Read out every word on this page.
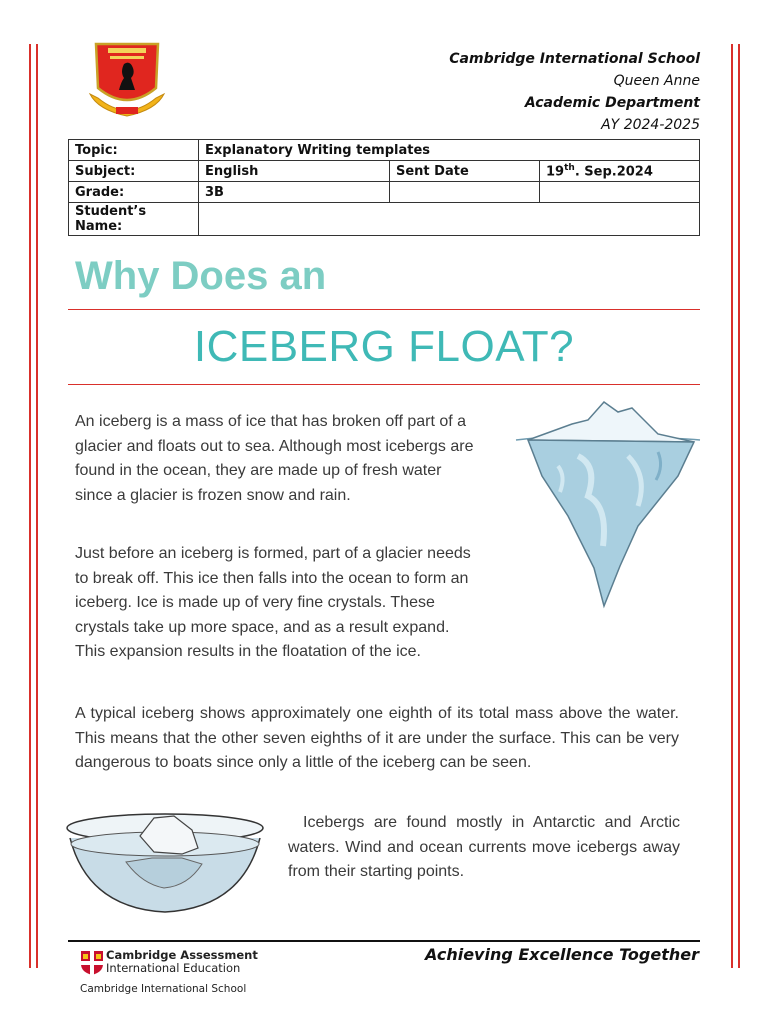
Cambridge International School
Queen Anne
Academic Department
AY 2024-2025
Topic:	Explanatory Writing templates		
Subject:	English	Sent Date	19th. Sep.2024
Grade:	3B		
Student’s Name:			
Why Does an
ICEBERG FLOAT?

An iceberg is a mass of ice that has broken off part of a glacier and floats out to sea. Although most icebergs are found in the ocean, they are made up of fresh water since a glacier is frozen snow and rain.

Just before an iceberg is formed, part of a glacier needs to break off. This ice then falls into the ocean to form an iceberg. Ice is made up of very fine crystals. These crystals take up more space, and as a result expand. This expansion results in the floatation of the ice.

A typical iceberg shows approximately one eighth of its total mass above the water. This means that the other seven eighths of it are under the surface. This can be very dangerous to boats since only a little of the iceberg can be seen.

Icebergs are found mostly in Antarctic and Arctic waters. Wind and ocean currents move icebergs away from their starting points.

Cambridge Assessment
International Education
Cambridge International School
Achieving Excellence Together
